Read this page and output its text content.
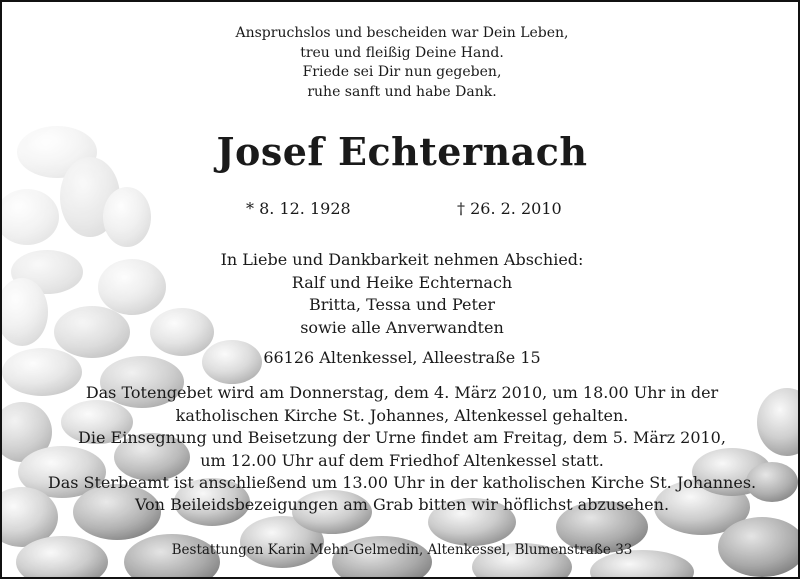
Anspruchslos und bescheiden war Dein Leben,
treu und fleißig Deine Hand.
Friede sei Dir nun gegeben,
ruhe sanft und habe Dank.
Josef Echternach
* 8. 12. 1928	† 26. 2. 2010
In Liebe und Dankbarkeit nehmen Abschied:
Ralf und Heike Echternach
Britta, Tessa und Peter
sowie alle Anverwandten
66126 Altenkessel, Alleestraße 15
Das Totengebet wird am Donnerstag, dem 4. März 2010, um 18.00 Uhr in der
katholischen Kirche St. Johannes, Altenkessel gehalten.
Die Einsegnung und Beisetzung der Urne findet am Freitag, dem 5. März 2010,
um 12.00 Uhr auf dem Friedhof Altenkessel statt.
Das Sterbeamt ist anschließend um 13.00 Uhr in der katholischen Kirche St. Johannes.
Von Beileidsbezeigungen am Grab bitten wir höflichst abzusehen.
Bestattungen Karin Mehn-Gelmedin, Altenkessel, Blumenstraße 33
